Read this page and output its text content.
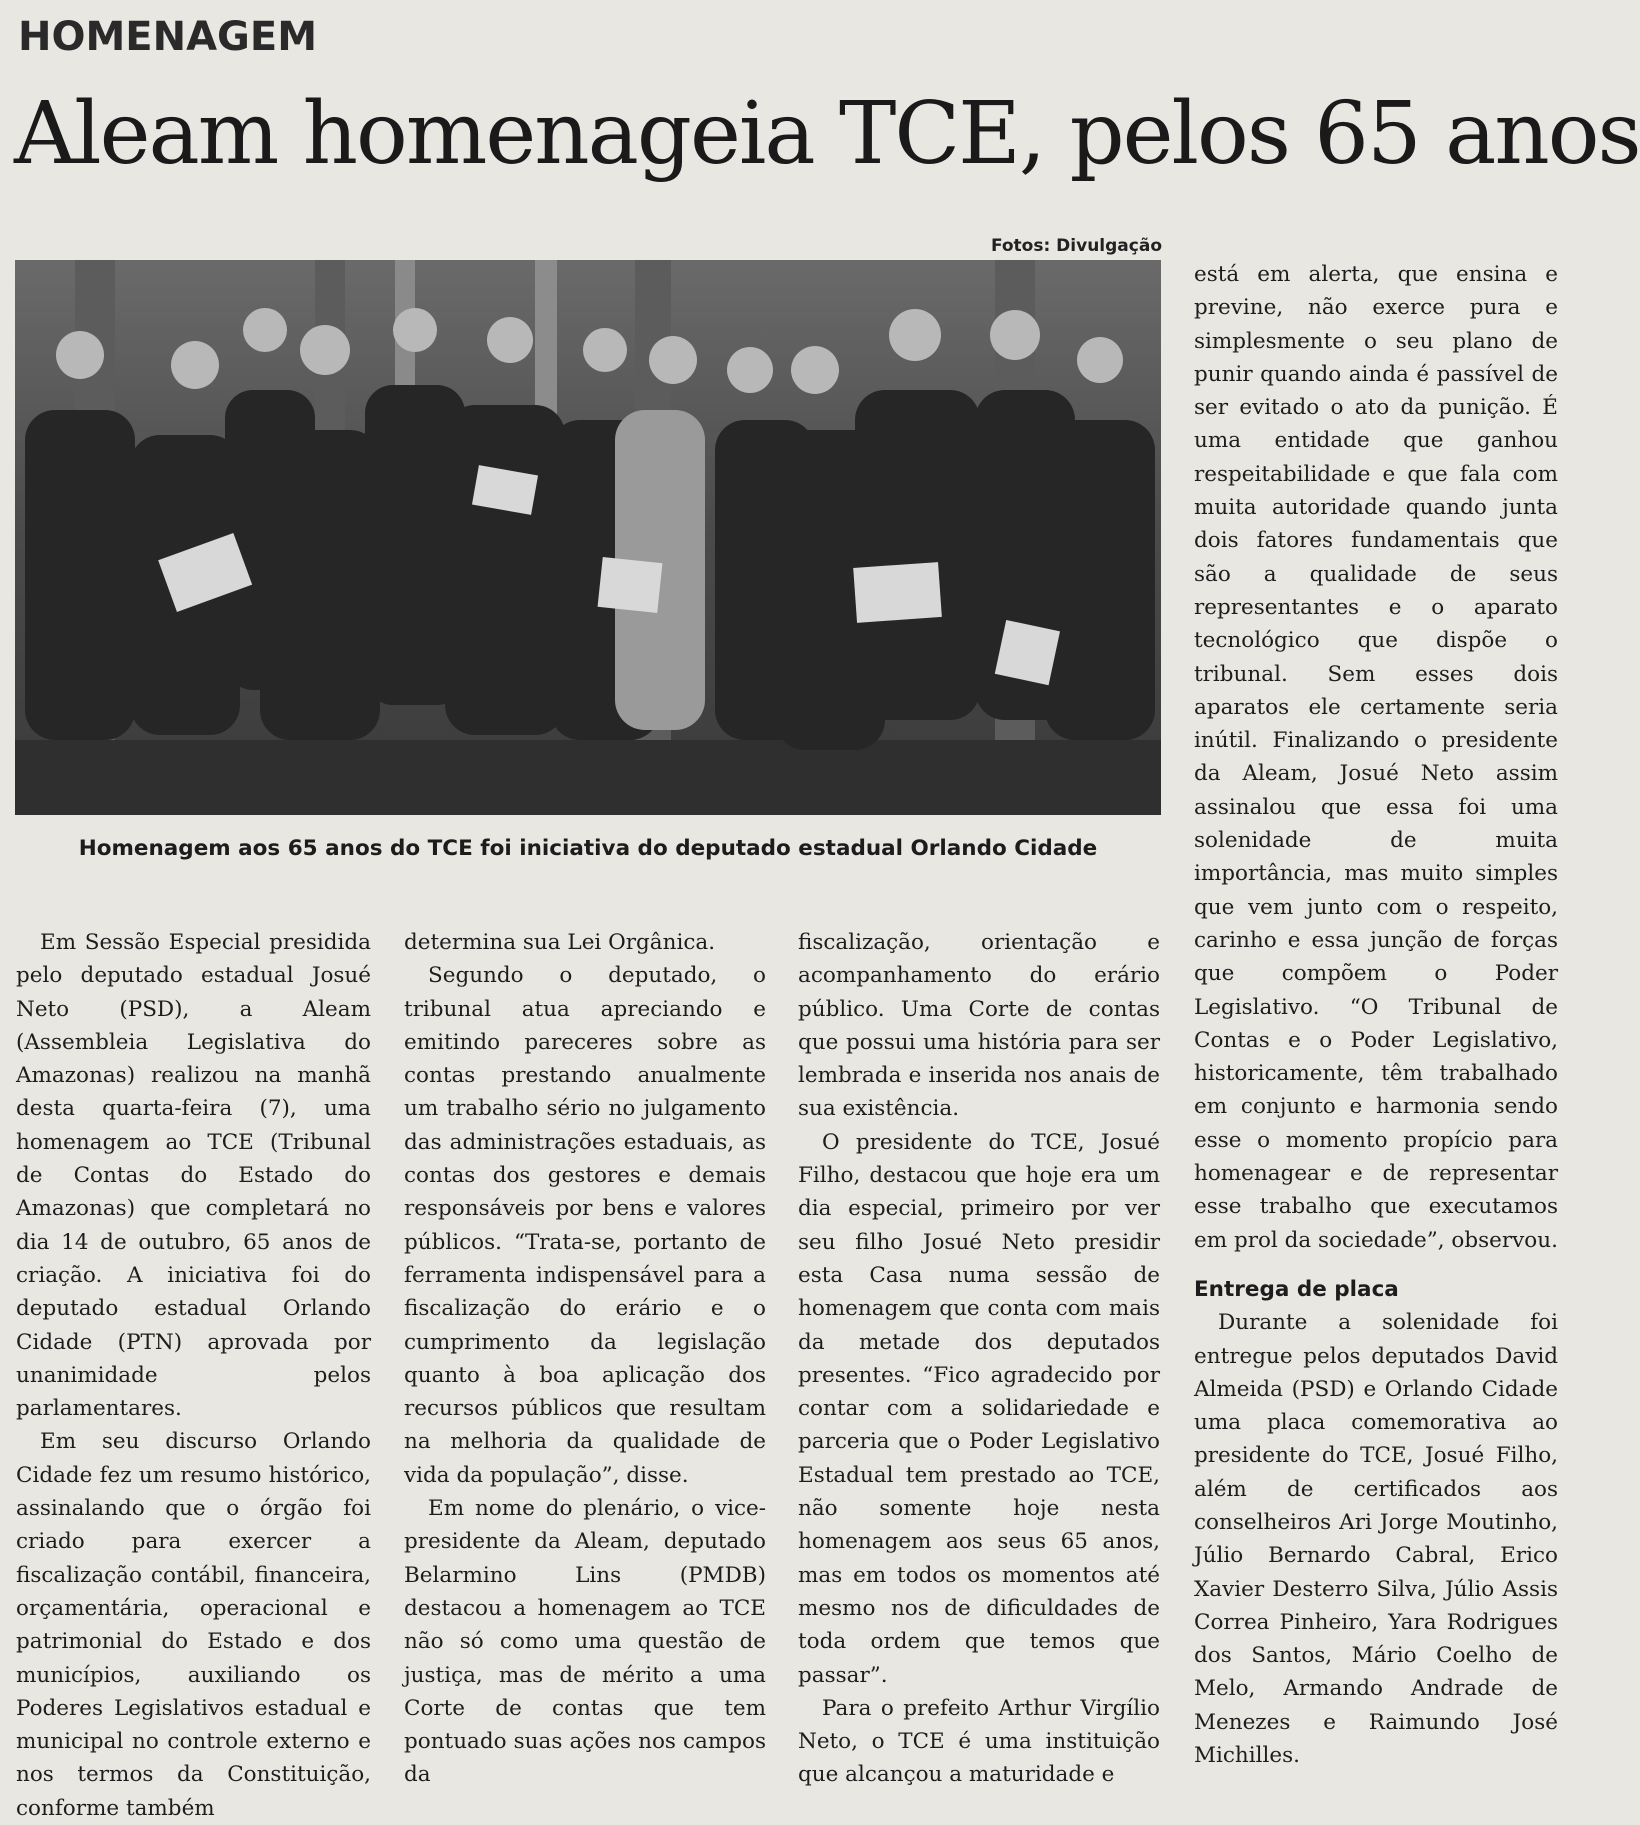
HOMENAGEM
Aleam homenageia TCE, pelos 65 anos
Fotos: Divulgação
Homenagem aos 65 anos do TCE foi iniciativa do deputado estadual Orlando Cidade

Em Sessão Especial presidida pelo deputado estadual Josué Neto (PSD), a Aleam (Assembleia Legislativa do Amazonas) realizou na manhã desta quarta-feira (7), uma homenagem ao TCE (Tribunal de Contas do Estado do Amazonas) que completará no dia 14 de outubro, 65 anos de criação. A iniciativa foi do deputado estadual Orlando Cidade (PTN) aprovada por unanimidade pelos parlamentares.

Em seu discurso Orlando Cidade fez um resumo histórico, assinalando que o órgão foi criado para exercer a fiscalização contábil, financeira, orçamentária, operacional e patrimonial do Estado e dos municípios, auxiliando os Poderes Legislativos estadual e municipal no controle externo e nos termos da Constituição, conforme também

determina sua Lei Orgânica.

Segundo o deputado, o tribunal atua apreciando e emitindo pareceres sobre as contas prestando anualmente um trabalho sério no julgamento das administrações estaduais, as contas dos gestores e demais responsáveis por bens e valores públicos. “Trata-se, portanto de ferramenta indispensável para a fiscalização do erário e o cumprimento da legislação quanto à boa aplicação dos recursos públicos que resultam na melhoria da qualidade de vida da população”, disse.

Em nome do plenário, o vice-presidente da Aleam, deputado Belarmino Lins (PMDB) destacou a homenagem ao TCE não só como uma questão de justiça, mas de mérito a uma Corte de contas que tem pontuado suas ações nos campos da

fiscalização, orientação e acompanhamento do erário público. Uma Corte de contas que possui uma história para ser lembrada e inserida nos anais de sua existência.

O presidente do TCE, Josué Filho, destacou que hoje era um dia especial, primeiro por ver seu filho Josué Neto presidir esta Casa numa sessão de homenagem que conta com mais da metade dos deputados presentes. “Fico agradecido por contar com a solidariedade e parceria que o Poder Legislativo Estadual tem prestado ao TCE, não somente hoje nesta homenagem aos seus 65 anos, mas em todos os momentos até mesmo nos de dificuldades de toda ordem que temos que passar”.

Para o prefeito Arthur Virgílio Neto, o TCE é uma instituição que alcançou a maturidade e

está em alerta, que ensina e previne, não exerce pura e simplesmente o seu plano de punir quando ainda é passível de ser evitado o ato da punição. É uma entidade que ganhou respeitabilidade e que fala com muita autoridade quando junta dois fatores fundamentais que são a qualidade de seus representantes e o aparato tecnológico que dispõe o tribunal. Sem esses dois aparatos ele certamente seria inútil. Finalizando o presidente da Aleam, Josué Neto assim assinalou que essa foi uma solenidade de muita importância, mas muito simples que vem junto com o respeito, carinho e essa junção de forças que compõem o Poder Legislativo. “O Tribunal de Contas e o Poder Legislativo, historicamente, têm trabalhado em conjunto e harmonia sendo esse o momento propício para homenagear e de representar esse trabalho que executamos em prol da sociedade”, observou.

Entrega de placa

Durante a solenidade foi entregue pelos deputados David Almeida (PSD) e Orlando Cidade uma placa comemorativa ao presidente do TCE, Josué Filho, além de certificados aos conselheiros Ari Jorge Moutinho, Júlio Bernardo Cabral, Erico Xavier Desterro Silva, Júlio Assis Correa Pinheiro, Yara Rodrigues dos Santos, Mário Coelho de Melo, Armando Andrade de Menezes e Raimundo José Michilles.
